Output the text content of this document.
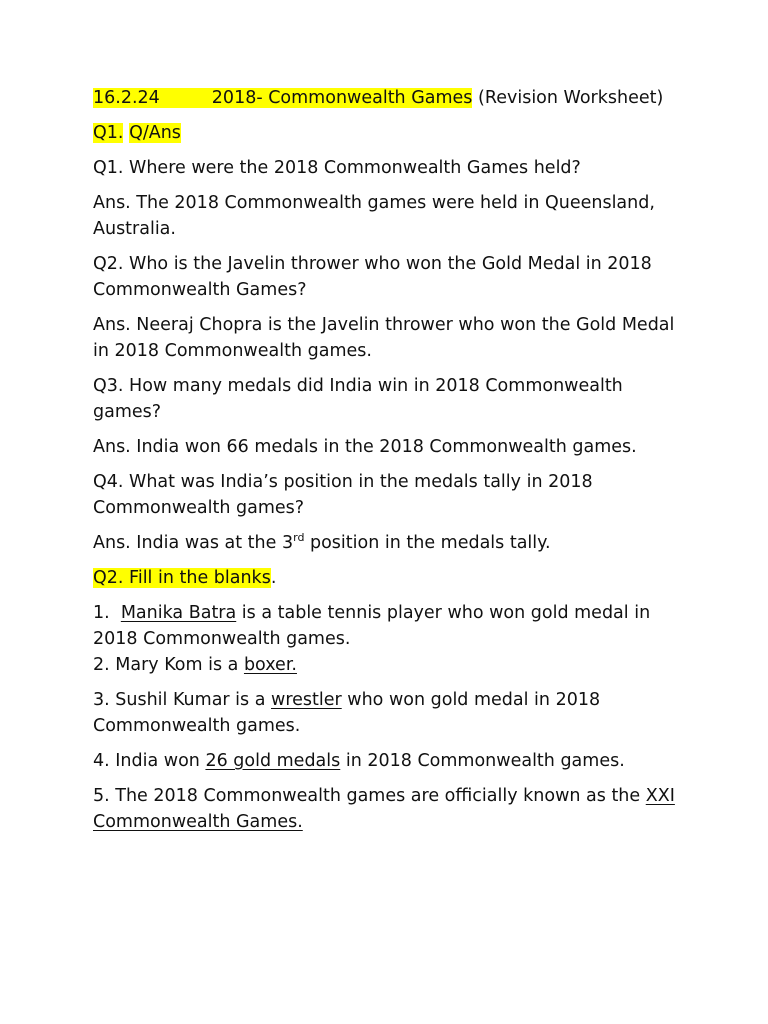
16.2.24	2018- Commonwealth Games (Revision Worksheet)

Q1. Q/Ans

Q1. Where were the 2018 Commonwealth Games held?

Ans. The 2018 Commonwealth games were held in Queensland, Australia.

Q2. Who is the Javelin thrower who won the Gold Medal in 2018 Commonwealth Games?

Ans. Neeraj Chopra is the Javelin thrower who won the Gold Medal in 2018 Commonwealth games.

Q3. How many medals did India win in 2018 Commonwealth games?

Ans. India won 66 medals in the 2018 Commonwealth games.

Q4. What was India’s position in the medals tally in 2018 Commonwealth games?

Ans. India was at the 3rd position in the medals tally.

Q2. Fill in the blanks.

1.  Manika Batra is a table tennis player who won gold medal in 2018 Commonwealth games.

2. Mary Kom is a boxer.

3. Sushil Kumar is a wrestler who won gold medal in 2018 Commonwealth games.

4. India won 26 gold medals in 2018 Commonwealth games.

5. The 2018 Commonwealth games are officially known as the XXI Commonwealth Games.
